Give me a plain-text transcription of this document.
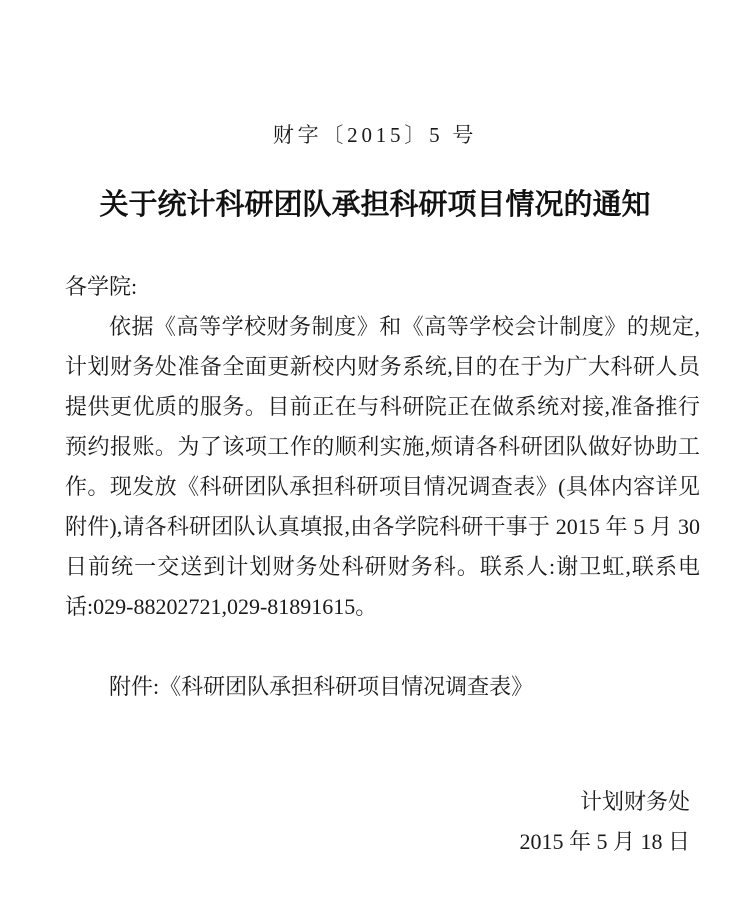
财字〔2015〕5 号
关于统计科研团队承担科研项目情况的通知
各学院:

依据《高等学校财务制度》和《高等学校会计制度》的规定,计划财务处准备全面更新校内财务系统,目的在于为广大科研人员提供更优质的服务。目前正在与科研院正在做系统对接,准备推行预约报账。为了该项工作的顺利实施,烦请各科研团队做好协助工作。现发放《科研团队承担科研项目情况调查表》(具体内容详见附件),请各科研团队认真填报,由各学院科研干事于 2015 年 5 月 30 日前统一交送到计划财务处科研财务科。联系人:谢卫虹,联系电话:029-88202721,029-81891615。

附件:《科研团队承担科研项目情况调查表》
计划财务处
2015 年 5 月 18 日
